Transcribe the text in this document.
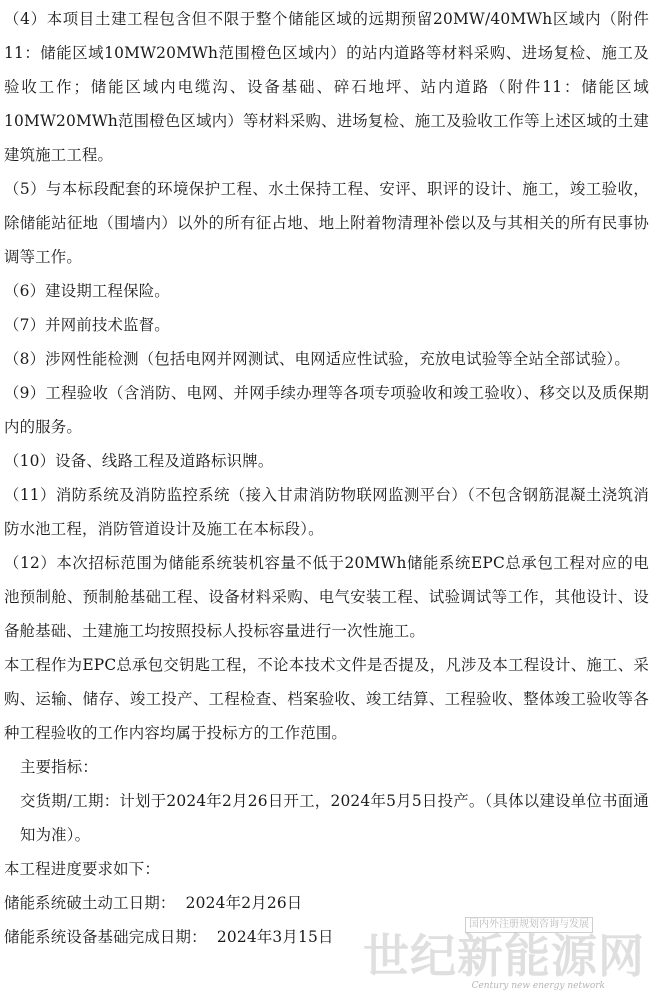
（4）本项目土建工程包含但不限于整个储能区域的远期预留20MW/40MWh区域内（附件11：储能区域10MW20MWh范围橙色区域内）的站内道路等材料采购、进场复检、施工及验收工作；储能区域内电缆沟、设备基础、碎石地坪、站内道路（附件11：储能区域10MW20MWh范围橙色区域内）等材料采购、进场复检、施工及验收工作等上述区域的土建建筑施工工程。

（5）与本标段配套的环境保护工程、水土保持工程、安评、职评的设计、施工，竣工验收，除储能站征地（围墙内）以外的所有征占地、地上附着物清理补偿以及与其相关的所有民事协调等工作。

（6）建设期工程保险。

（7）并网前技术监督。

（8）涉网性能检测（包括电网并网测试、电网适应性试验，充放电试验等全站全部试验）。

（9）工程验收（含消防、电网、并网手续办理等各项专项验收和竣工验收）、移交以及质保期内的服务。

（10）设备、线路工程及道路标识牌。

（11）消防系统及消防监控系统（接入甘肃消防物联网监测平台）（不包含钢筋混凝土浇筑消防水池工程，消防管道设计及施工在本标段）。

（12）本次招标范围为储能系统装机容量不低于20MWh储能系统EPC总承包工程对应的电池预制舱、预制舱基础工程、设备材料采购、电气安装工程、试验调试等工作，其他设计、设备舱基础、土建施工均按照投标人投标容量进行一次性施工。

本工程作为EPC总承包交钥匙工程，不论本技术文件是否提及，凡涉及本工程设计、施工、采购、运输、储存、竣工投产、工程检查、档案验收、竣工结算、工程验收、整体竣工验收等各种工程验收的工作内容均属于投标方的工作范围。

主要指标：

交货期/工期：计划于2024年2月26日开工，2024年5月5日投产。（具体以建设单位书面通知为准）。

本工程进度要求如下：

储能系统破土动工日期：  2024年2月26日

储能系统设备基础完成日期：  2024年3月15日

国内外注册规划咨询与发展
世纪新能源网
Century new energy network
